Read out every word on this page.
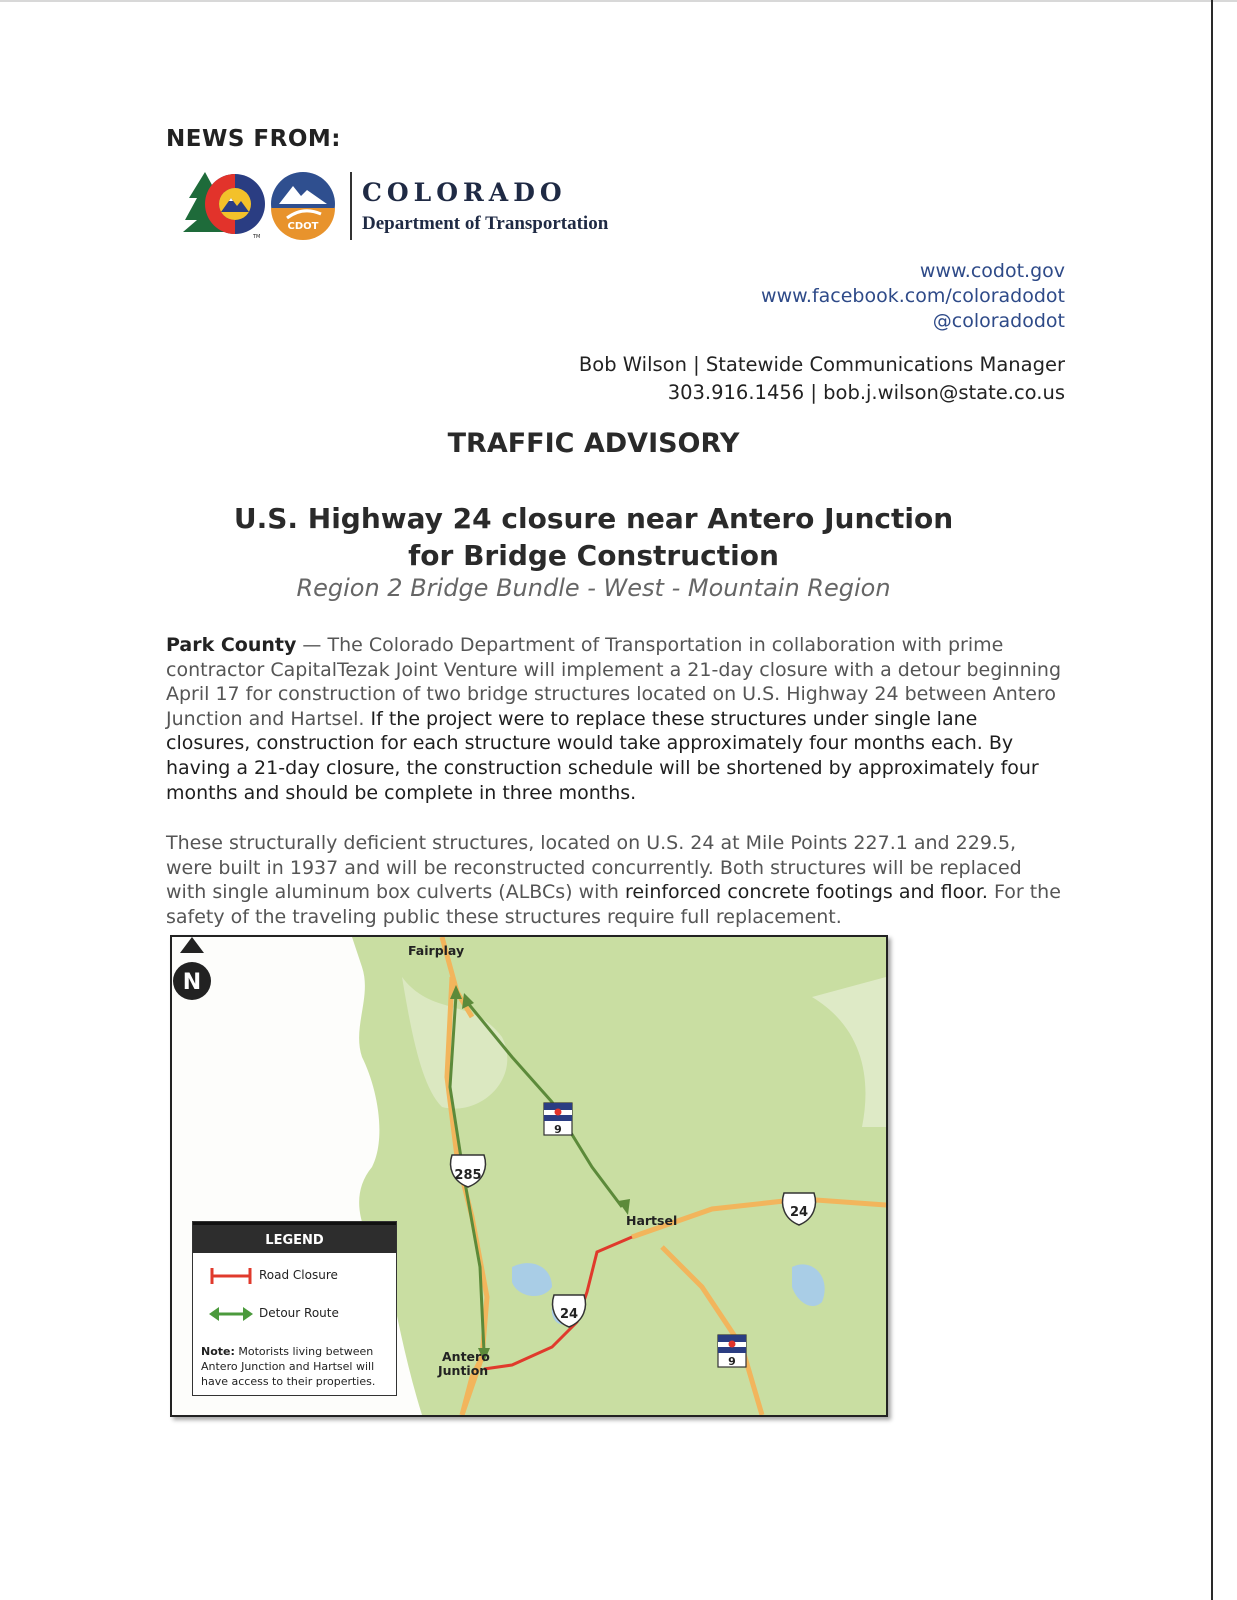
NEWS FROM:
CDOT
TM
COLORADO
Department of Transportation
www.codot.gov
www.facebook.com/coloradodot
@coloradodot
Bob Wilson | Statewide Communications Manager
303.916.1456 | bob.j.wilson@state.co.us
TRAFFIC ADVISORY
U.S. Highway 24 closure near Antero Junction
for Bridge Construction
Region 2 Bridge Bundle - West - Mountain Region
Park County — The Colorado Department of Transportation in collaboration with prime contractor CapitalTezak Joint Venture will implement a 21-day closure with a detour beginning April 17 for construction of two bridge structures located on U.S. Highway 24 between Antero Junction and Hartsel. If the project were to replace these structures under single lane closures, construction for each structure would take approximately four months each. By having a 21-day closure, the construction schedule will be shortened by approximately four months and should be complete in three months.
These structurally deficient structures, located on U.S. 24 at Mile Points 227.1 and 229.5, were built in 1937 and will be reconstructed concurrently. Both structures will be replaced with single aluminum box culverts (ALBCs) with reinforced concrete footings and floor. For the safety of the traveling public these structures require full replacement.
285
24
24
9
9
Fairplay
Hartsel
Antero
Juntion
N
LEGEND
Road Closure
Detour Route
Note: Motorists living between Antero Junction and Hartsel will have access to their properties.
